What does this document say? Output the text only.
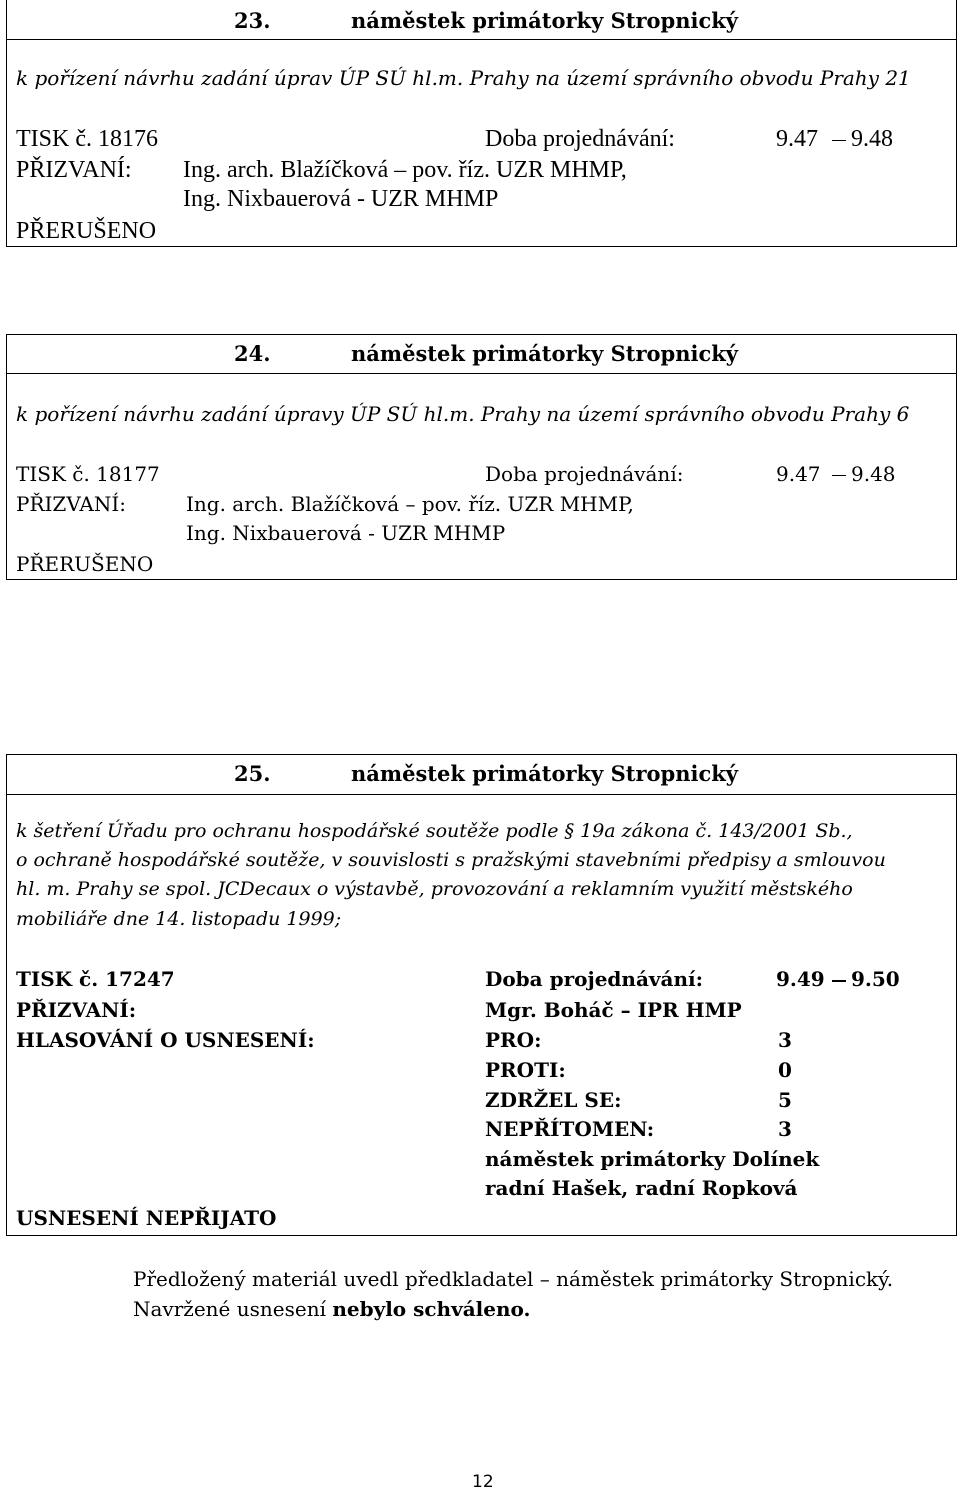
23.	náměstek primátorky Stropnický
k pořízení návrhu zadání úprav ÚP SÚ hl.m. Prahy na území správního obvodu Prahy 21
TISK č. 18176	Doba projednávání:	9.47 9.48
PŘIZVANÍ: Ing. arch. Blažíčková – pov. říz. UZR MHMP,
Ing. Nixbauerová - UZR MHMP
PŘERUŠENO
24.	náměstek primátorky Stropnický
k pořízení návrhu zadání úpravy ÚP SÚ hl.m. Prahy na území správního obvodu Prahy 6
TISK č. 18177	Doba projednávání:	9.47 9.48
PŘIZVANÍ:	Ing. arch. Blažíčková – pov. říz. UZR MHMP,
Ing. Nixbauerová - UZR MHMP
PŘERUŠENO
25.	náměstek primátorky Stropnický
k šetření Úřadu pro ochranu hospodářské soutěže podle § 19a zákona č. 143/2001 Sb.,
o ochraně hospodářské soutěže, v souvislosti s pražskými stavebními předpisy a smlouvou
hl. m. Prahy se spol. JCDecaux o výstavbě, provozování a reklamním využití městského
mobiliáře dne 14. listopadu 1999;
TISK č. 17247	Doba projednávání:	9.49 9.50
PŘIZVANÍ:	Mgr. Boháč – IPR HMP
HLASOVÁNÍ O USNESENÍ:	PRO:	3
PROTI:	0
ZDRŽEL SE:	5
NEPŘÍTOMEN:	3
náměstek primátorky Dolínek
radní Hašek, radní Ropková
USNESENÍ NEPŘIJATO
Předložený materiál uvedl předkladatel – náměstek primátorky Stropnický.
Navržené usnesení nebylo schváleno.
12
